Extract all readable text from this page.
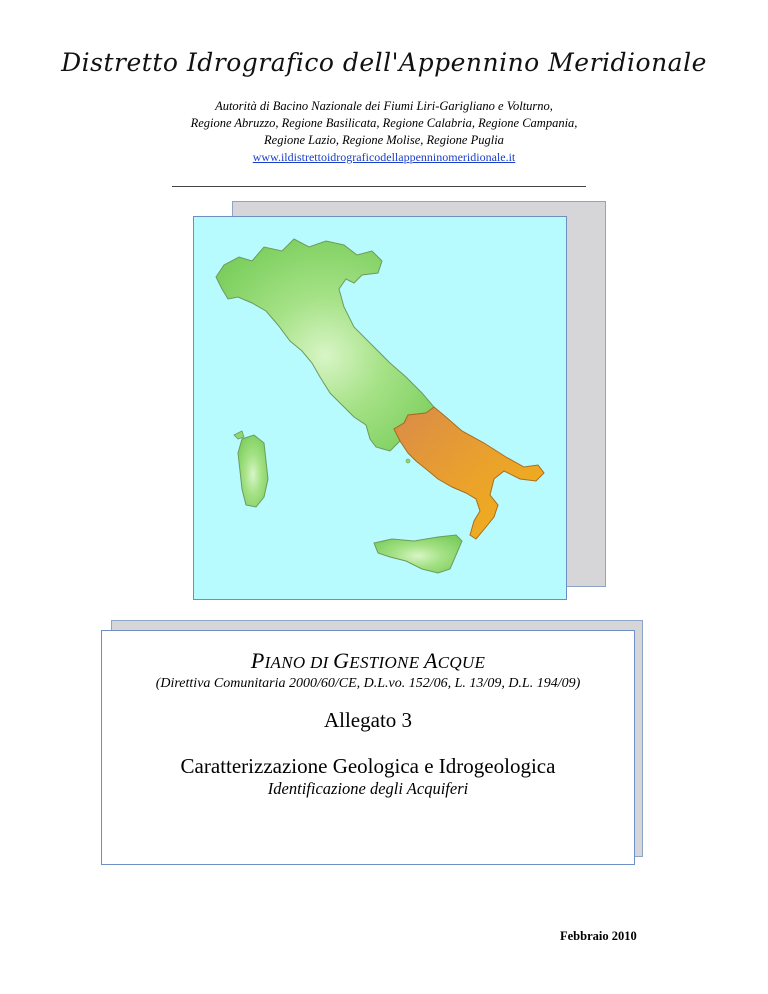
Distretto Idrografico dell'Appennino Meridionale
Autorità di Bacino Nazionale dei Fiumi Liri-Garigliano e Volturno,
Regione Abruzzo, Regione Basilicata, Regione Calabria, Regione Campania,
Regione Lazio, Regione Molise, Regione Puglia
www.ildistrettoidrograficodellappenninomeridionale.it
PIANO DI GESTIONE ACQUE
(Direttiva Comunitaria 2000/60/CE, D.L.vo. 152/06, L. 13/09, D.L. 194/09)
Allegato 3
Caratterizzazione Geologica e Idrogeologica
Identificazione degli Acquiferi
Febbraio 2010
